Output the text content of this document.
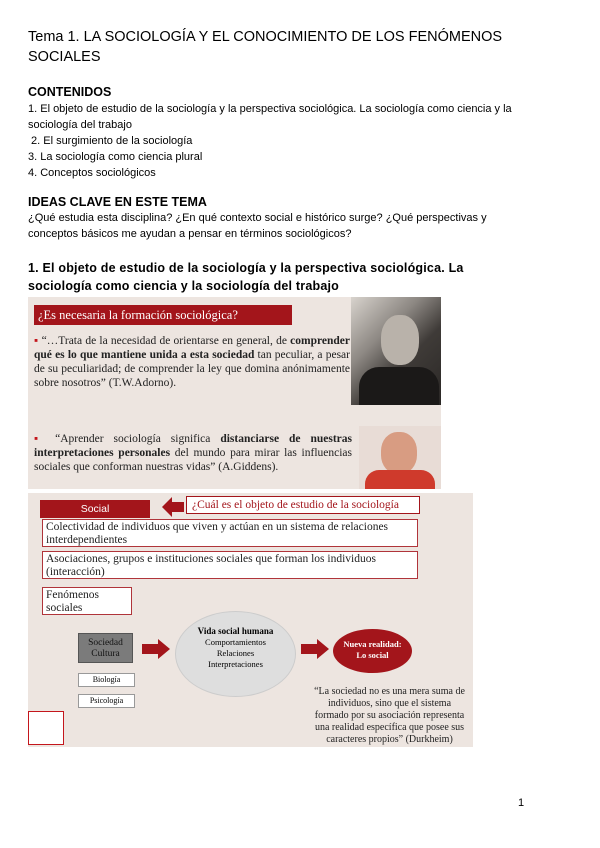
Tema 1. LA SOCIOLOGÍA Y EL CONOCIMIENTO DE LOS FENÓMENOS SOCIALES
CONTENIDOS
1. El objeto de estudio de la sociología y la perspectiva sociológica. La sociología como ciencia y la sociología del trabajo
2. El surgimiento de la sociología
3. La sociología como ciencia plural
4. Conceptos sociológicos
IDEAS CLAVE EN ESTE TEMA
¿Qué estudia esta disciplina? ¿En qué contexto social e histórico surge? ¿Qué perspectivas y conceptos básicos me ayudan a pensar en términos sociológicos?
1. El objeto de estudio de la sociología y la perspectiva sociológica. La sociología como ciencia y la sociología del trabajo
¿Es necesaria la formación sociológica?
▪ “…Trata de la necesidad de orientarse en general, de comprender qué es lo que mantiene unida a esta sociedad tan peculiar, a pesar de su peculiaridad; de comprender la ley que domina anónimamente sobre nosotros” (T.W.Adorno).
▪ “Aprender sociología significa distanciarse de nuestras interpretaciones personales del mundo para mirar las influencias sociales que conforman nuestras vidas” (A.Giddens).
Social	¿Cuál es el objeto de estudio de la sociología
Colectividad de individuos que viven y actúan en un sistema de relaciones interdependientes
Asociaciones, grupos e instituciones sociales que forman los individuos (interacción)
Fenómenos sociales
Sociedad
Cultura
Biología
Psicología
Vida social humana
Comportamientos
Relaciones
Interpretaciones
Nueva realidad:
Lo social
“La sociedad no es una mera suma de individuos, sino que el sistema formado por su asociación representa una realidad específica que posee sus caracteres propios” (Durkheim)
1
